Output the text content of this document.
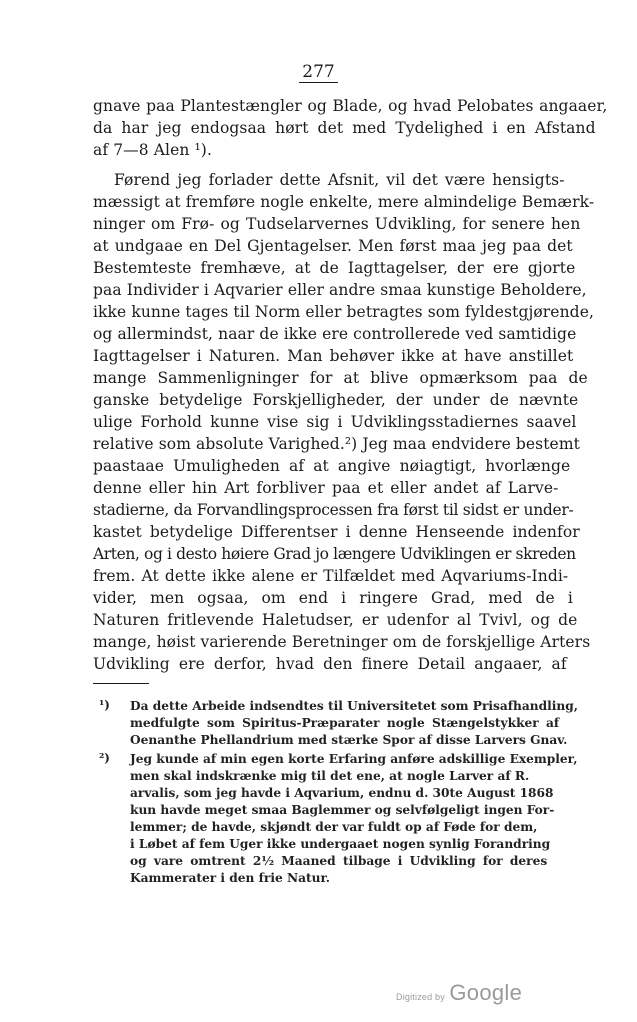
277
gnave paa Plantestængler og Blade, og hvad Pelobates angaaer,
da har jeg endogsaa hørt det med Tydelighed i en Afstand
af 7—8 Alen ¹).
Førend jeg forlader dette Afsnit, vil det være hensigts-
mæssigt at fremføre nogle enkelte, mere almindelige Bemærk-
ninger om Frø- og Tudselarvernes Udvikling, for senere hen
at undgaae en Del Gjentagelser. Men først maa jeg paa det
Bestemteste fremhæve, at de Iagttagelser, der ere gjorte
paa Individer i Aqvarier eller andre smaa kunstige Beholdere,
ikke kunne tages til Norm eller betragtes som fyldestgjørende,
og allermindst, naar de ikke ere controllerede ved samtidige
Iagttagelser i Naturen. Man behøver ikke at have anstillet
mange Sammenligninger for at blive opmærksom paa de
ganske betydelige Forskjelligheder, der under de nævnte
ulige Forhold kunne vise sig i Udviklingsstadiernes saavel
relative som absolute Varighed.²) Jeg maa endvidere bestemt
paastaae Umuligheden af at angive nøiagtigt, hvorlænge
denne eller hin Art forbliver paa et eller andet af Larve-
stadierne, da Forvandlingsprocessen fra først til sidst er under-
kastet betydelige Differentser i denne Henseende indenfor
Arten, og i desto høiere Grad jo længere Udviklingen er skreden
frem. At dette ikke alene er Tilfældet med Aqvariums-Indi-
vider, men ogsaa, om end i ringere Grad, med de i
Naturen fritlevende Haletudser, er udenfor al Tvivl, og de
mange, høist varierende Beretninger om de forskjellige Arters
Udvikling ere derfor, hvad den finere Detail angaaer, af
¹) Da dette Arbeide indsendtes til Universitetet som Prisafhandling,
medfulgte som Spiritus-Præparater nogle Stængelstykker af
Oenanthe Phellandrium med stærke Spor af disse Larvers Gnav.
²) Jeg kunde af min egen korte Erfaring anføre adskillige Exempler,
men skal indskrænke mig til det ene, at nogle Larver af R.
arvalis, som jeg havde i Aqvarium, endnu d. 30te August 1868
kun havde meget smaa Baglemmer og selvfølgeligt ingen For-
lemmer; de havde, skjøndt der var fuldt op af Føde for dem,
i Løbet af fem Uger ikke undergaaet nogen synlig Forandring
og vare omtrent 2½ Maaned tilbage i Udvikling for deres
Kammerater i den frie Natur.
Digitized by Google
